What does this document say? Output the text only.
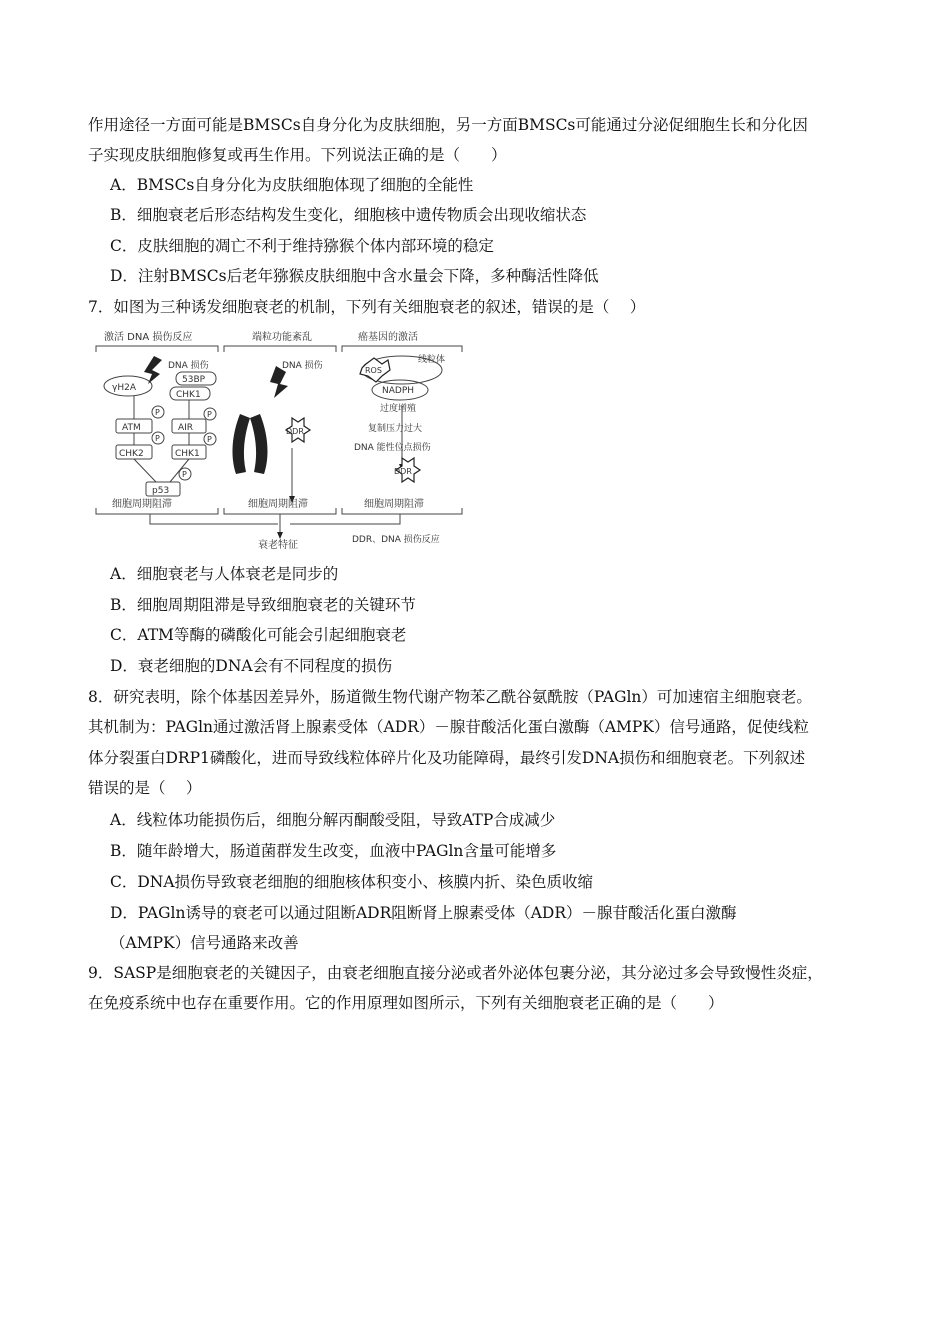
作用途径一方面可能是BMSCs自身分化为皮肤细胞，另一方面BMSCs可能通过分泌促细胞生长和分化因
子实现皮肤细胞修复或再生作用。下列说法正确的是（　　）
A．BMSCs自身分化为皮肤细胞体现了细胞的全能性
B．细胞衰老后形态结构发生变化，细胞核中遗传物质会出现收缩状态
C．皮肤细胞的凋亡不利于维持猕猴个体内部环境的稳定
D．注射BMSCs后老年猕猴皮肤细胞中含水量会下降，多种酶活性降低
7．如图为三种诱发细胞衰老的机制，下列有关细胞衰老的叙述，错误的是（　 ）
激活 DNA 损伤反应	端粒功能紊乱	癌基因的激活
DNA 损伤
γH2A
53BP
CHK1
P	P
P	P
P
ATM	AIR
CHK2	CHK1
p53
细胞周期阻滞
DNA 损伤
DDR
细胞周期阻滞
线粒体
ROS
NADPH
过度增殖
复制压力过大
DNA 能性位点损伤
DDR
细胞周期阻滞
衰老特征	DDR、DNA 损伤反应
A．细胞衰老与人体衰老是同步的
B．细胞周期阻滞是导致细胞衰老的关键环节
C．ATM等酶的磷酸化可能会引起细胞衰老
D．衰老细胞的DNA会有不同程度的损伤
8．研究表明，除个体基因差异外，肠道微生物代谢产物苯乙酰谷氨酰胺（PAGln）可加速宿主细胞衰老。
其机制为：PAGln通过激活肾上腺素受体（ADR）－腺苷酸活化蛋白激酶（AMPK）信号通路，促使线粒
体分裂蛋白DRP1磷酸化，进而导致线粒体碎片化及功能障碍，最终引发DNA损伤和细胞衰老。下列叙述
错误的是（　 ）
A．线粒体功能损伤后，细胞分解丙酮酸受阻，导致ATP合成减少
B．随年龄增大，肠道菌群发生改变，血液中PAGln含量可能增多
C．DNA损伤导致衰老细胞的细胞核体积变小、核膜内折、染色质收缩
D．PAGln诱导的衰老可以通过阻断ADR阻断肾上腺素受体（ADR）－腺苷酸活化蛋白激酶
（AMPK）信号通路来改善
9．SASP是细胞衰老的关键因子，由衰老细胞直接分泌或者外泌体包裹分泌，其分泌过多会导致慢性炎症，
在免疫系统中也存在重要作用。它的作用原理如图所示，下列有关细胞衰老正确的是（　　）
